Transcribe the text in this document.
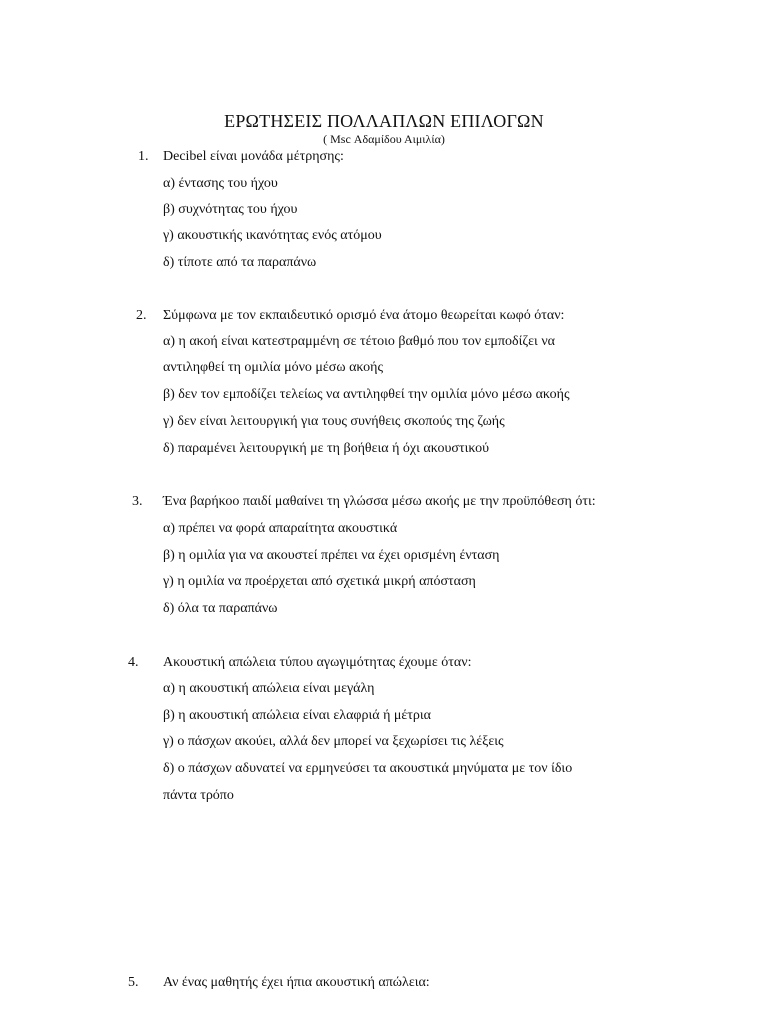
ΕΡΩΤΗΣΕΙΣ ΠΟΛΛΑΠΛΩΝ ΕΠΙΛΟΓΩΝ
( Msc Αδαμίδου Αιμιλία)
1. Decibel είναι μονάδα μέτρησης:
α) έντασης του ήχου
β) συχνότητας του ήχου
γ) ακουστικής ικανότητας ενός ατόμου
δ) τίποτε από τα παραπάνω
2. Σύμφωνα με τον εκπαιδευτικό ορισμό ένα άτομο θεωρείται κωφό όταν:
α) η ακοή είναι κατεστραμμένη σε τέτοιο βαθμό που τον εμποδίζει να
αντιληφθεί τη ομιλία μόνο μέσω ακοής
β) δεν τον εμποδίζει τελείως να αντιληφθεί την ομιλία μόνο μέσω ακοής
γ) δεν είναι λειτουργική για τους συνήθεις σκοπούς της ζωής
δ) παραμένει λειτουργική με τη βοήθεια ή όχι ακουστικού
3. Ένα βαρήκοο παιδί μαθαίνει τη γλώσσα μέσω ακοής με την προϋπόθεση ότι:
α) πρέπει να φορά απαραίτητα ακουστικά
β) η ομιλία για να ακουστεί πρέπει να έχει ορισμένη ένταση
γ) η ομιλία να προέρχεται από σχετικά μικρή απόσταση
δ) όλα τα παραπάνω
4. Ακουστική απώλεια τύπου αγωγιμότητας έχουμε όταν:
α) η ακουστική απώλεια είναι μεγάλη
β) η ακουστική απώλεια είναι ελαφριά ή μέτρια
γ) ο πάσχων ακούει, αλλά δεν μπορεί να ξεχωρίσει τις λέξεις
δ) ο πάσχων αδυνατεί να ερμηνεύσει τα ακουστικά μηνύματα με τον ίδιο
πάντα τρόπο
5. Αν ένας μαθητής έχει ήπια ακουστική απώλεια:
